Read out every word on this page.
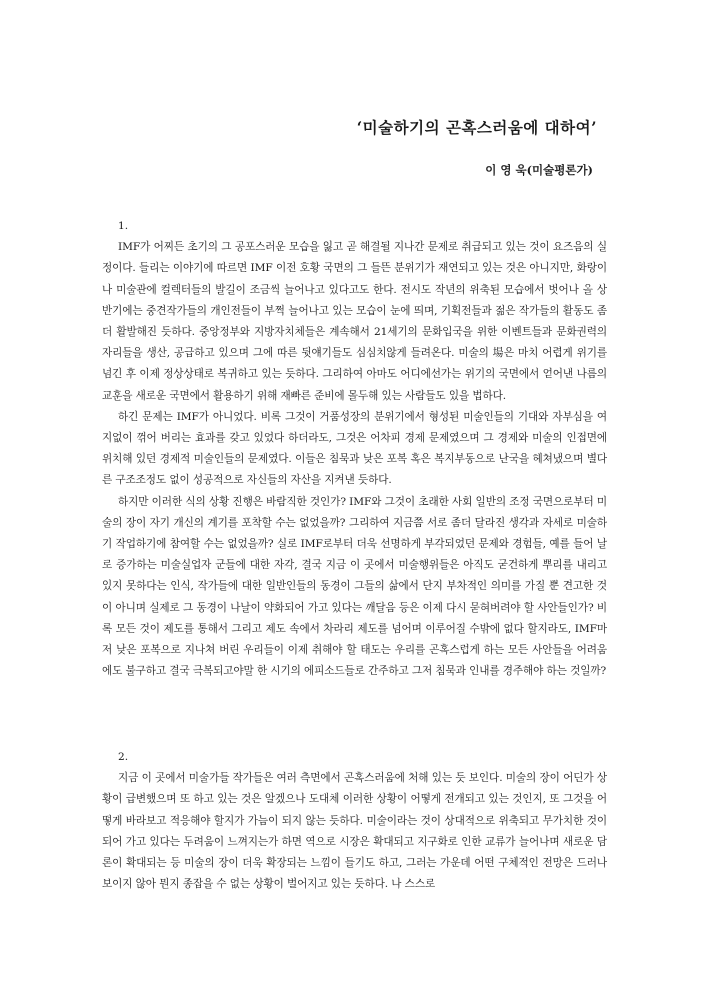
‘미술하기의 곤혹스러움에 대하여’
이 영 욱(미술평론가)

1.

IMF가 어찌든 초기의 그 공포스러운 모습을 잃고 곧 해결될 지나간 문제로 취급되고 있는 것이 요즈음의 실정이다. 들리는 이야기에 따르면 IMF 이전 호황 국면의 그 들뜬 분위기가 재연되고 있는 것은 아니지만, 화랑이나 미술관에 컬렉터들의 발길이 조금씩 늘어나고 있다고도 한다. 전시도 작년의 위축된 모습에서 벗어나 올 상반기에는 중견작가들의 개인전들이 부쩍 늘어나고 있는 모습이 눈에 띄며, 기획전들과 젊은 작가들의 활동도 좀더 활발해진 듯하다. 중앙정부와 지방자치체들은 계속해서 21세기의 문화입국을 위한 이벤트들과 문화권력의 자리들을 생산, 공급하고 있으며 그에 따른 뒷얘기들도 심심치않게 들려온다. 미술의 場은 마치 어렵게 위기를 넘긴 후 이제 정상상태로 복귀하고 있는 듯하다. 그리하여 아마도 어디에선가는 위기의 국면에서 얻어낸 나름의 교훈을 새로운 국면에서 활용하기 위해 재빠른 준비에 몰두해 있는 사람들도 있을 법하다.

하긴 문제는 IMF가 아니었다. 비록 그것이 거품성장의 분위기에서 형성된 미술인들의 기대와 자부심을 여지없이 꺾어 버리는 효과를 갖고 있었다 하더라도, 그것은 어차피 경제 문제였으며 그 경제와 미술의 인접면에 위치해 있던 경제적 미술인들의 문제였다. 이들은 침묵과 낮은 포복 혹은 복지부동으로 난국을 헤쳐냈으며 별다른 구조조정도 없이 성공적으로 자신들의 자산을 지켜낸 듯하다.

하지만 이러한 식의 상황 진행은 바람직한 것인가? IMF와 그것이 초래한 사회 일반의 조정 국면으로부터 미술의 장이 자기 개신의 계기를 포착할 수는 없었을까? 그리하여 지금쯤 서로 좀더 달라진 생각과 자세로 미술하기 작업하기에 참여할 수는 없었을까? 실로 IMF로부터 더욱 선명하게 부각되었던 문제와 경험들, 예를 들어 날로 증가하는 미술실업자 군들에 대한 자각, 결국 지금 이 곳에서 미술행위들은 아직도 굳건하게 뿌리를 내리고 있지 못하다는 인식, 작가들에 대한 일반인들의 동경이 그들의 삶에서 단지 부차적인 의미를 가질 뿐 견고한 것이 아니며 실제로 그 동경이 나날이 약화되어 가고 있다는 깨달음 등은 이제 다시 묻혀버려야 할 사안들인가? 비록 모든 것이 제도를 통해서 그리고 제도 속에서 차라리 제도를 넘어며 이루어질 수밖에 없다 할지라도, IMF마저 낮은 포복으로 지나쳐 버린 우리들이 이제 취해야 할 태도는 우리를 곤혹스럽게 하는 모든 사안들을 어려움에도 불구하고 결국 극복되고야말 한 시기의 에피소드들로 간주하고 그저 침묵과 인내를 경주해야 하는 것일까?

2.

지금 이 곳에서 미술가들 작가들은 여러 측면에서 곤혹스러움에 처해 있는 듯 보인다. 미술의 장이 어딘가 상황이 급변했으며 또 하고 있는 것은 알겠으나 도대체 이러한 상황이 어떻게 전개되고 있는 것인지, 또 그것을 어떻게 바라보고 적응해야 할지가 가늠이 되지 않는 듯하다. 미술이라는 것이 상대적으로 위축되고 무가치한 것이 되어 가고 있다는 두려움이 느껴지는가 하면 역으로 시장은 확대되고 지구화로 인한 교류가 늘어나며 새로운 담론이 확대되는 등 미술의 장이 더욱 확장되는 느낌이 들기도 하고, 그러는 가운데 어떤 구체적인 전망은 드러나 보이지 않아 뭔지 종잡을 수 없는 상황이 벌어지고 있는 듯하다. 나 스스로
